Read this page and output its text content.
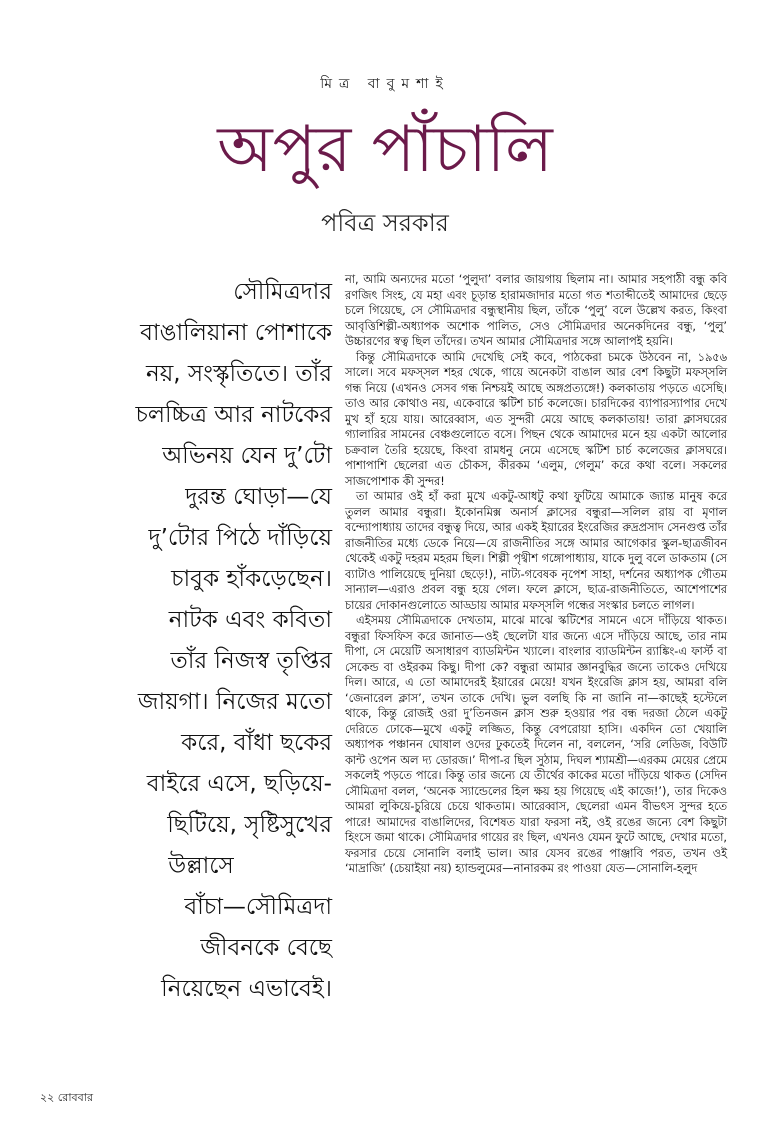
মিত্র বাবুমশাই
অপুর পাঁচালি
পবিত্র সরকার
সৌমিত্রদার
বাঙালিয়ানা পোশাকে
নয়, সংস্কৃতিতে। তাঁর
চলচ্চিত্র আর নাটকের
অভিনয় যেন দু’টো
দুরন্ত ঘোড়া—যে
দু’টোর পিঠে দাঁড়িয়ে
চাবুক হাঁকড়েছেন।
নাটক এবং কবিতা
তাঁর নিজস্ব তৃপ্তির
জায়গা। নিজের মতো
করে, বাঁধা ছকের
বাইরে এসে, ছড়িয়ে-
ছিটিয়ে, সৃষ্টিসুখের
উল্লাসে
বাঁচা—সৌমিত্রদা
জীবনকে বেছে
নিয়েছেন এভাবেই।

না, আমি অন্যদের মতো ‘পুলুদা’ বলার জায়গায় ছিলাম না। আমার সহপাঠী বন্ধু কবি রণজিৎ সিংহ, যে মহা এবং চূড়ান্ত হারামজাদার মতো গত শতাব্দীতেই আমাদের ছেড়ে চলে গিয়েছে, সে সৌমিত্রদার বন্ধুস্থানীয় ছিল, তাঁকে ‘পুলু’ বলে উল্লেখ করত, কিংবা আবৃত্তিশিল্পী-অধ্যাপক অশোক পালিত, সেও সৌমিত্রদার অনেকদিনের বন্ধু, ‘পুলু’ উচ্চারণের স্বত্ব ছিল তাঁদের। তখন আমার সৌমিত্রদার সঙ্গে আলাপই হয়নি।

কিন্তু সৌমিত্রদাকে আমি দেখেছি সেই কবে, পাঠকেরা চমকে উঠবেন না, ১৯৫৬ সালে। সবে মফস্সল শহর থেকে, গায়ে অনেকটা বাঙাল আর বেশ কিছুটা মফস্সলি গন্ধ নিয়ে (এখনও সেসব গন্ধ নিশ্চয়ই আছে অঙ্গপ্রত্যঙ্গে!) কলকাতায় পড়তে এসেছি। তাও আর কোথাও নয়, একেবারে স্কটিশ চার্চ কলেজে। চারদিকের ব্যাপারস্যাপার দেখে মুখ হাঁ হয়ে যায়। আরেব্বাস, এত সুন্দরী মেয়ে আছে কলকাতায়! তারা ক্লাসঘরের গ্যালারির সামনের বেঞ্চগুলোতে বসে। পিছন থেকে আমাদের মনে হয় একটা আলোর চক্রবাল তৈরি হয়েছে, কিংবা রামধনু নেমে এসেছে স্কটিশ চার্চ কলেজের ক্লাসঘরে। পাশাপাশি ছেলেরা এত চৌকস, কীরকম ‘এলুম, গেলুম’ করে কথা বলে। সকলের সাজপোশাক কী সুন্দর!

তা আমার ওই হাঁ করা মুখে একটু-আধটু কথা ফুটিয়ে আমাকে জ্যান্ত মানুষ করে তুলল আমার বন্ধুরা। ইকোনমিক্স অনার্স ক্লাসের বন্ধুরা—সলিল রায় বা মৃণাল বন্দ্যোপাধ্যায় তাদের বন্ধুত্ব দিয়ে, আর একই ইয়ারের ইংরেজির রুদ্রপ্রসাদ সেনগুপ্ত তাঁর রাজনীতির মধ্যে ডেকে নিয়ে—যে রাজনীতির সঙ্গে আমার আগেকার স্কুল-ছাত্রজীবন থেকেই একটু দহরম মহরম ছিল। শিল্পী পৃথ্বীশ গঙ্গোপাধ্যায়, যাকে দুলু বলে ডাকতাম (সে ব্যাটাও পালিয়েছে দুনিয়া ছেড়ে!), নাট্য-গবেষক নৃপেশ সাহা, দর্শনের অধ্যাপক গৌতম সান্যাল—এরাও প্রবল বন্ধু হয়ে গেল। ফলে ক্লাসে, ছাত্র-রাজনীতিতে, আশেপাশের চায়ের দোকানগুলোতে আড্ডায় আমার মফস্সলি গন্ধের সংস্কার চলতে লাগল।

এইসময় সৌমিত্রদাকে দেখতাম, মাঝে মাঝে স্কটিশের সামনে এসে দাঁড়িয়ে থাকত। বন্ধুরা ফিসফিস করে জানাত—ওই ছেলেটা যার জন্যে এসে দাঁড়িয়ে আছে, তার নাম দীপা, সে মেয়েটি অসাধারণ ব্যাডমিন্টন খ্যালে। বাংলার ব্যাডমিন্টন র‍্যাঙ্কিং-এ ফার্স্ট বা সেকেন্ড বা ওইরকম কিছু। দীপা কে? বন্ধুরা আমার জ্ঞানবুদ্ধির জন্যে তাকেও দেখিয়ে দিল। আরে, এ তো আমাদেরই ইয়ারের মেয়ে! যখন ইংরেজি ক্লাস হয়, আমরা বলি ‘জেনারেল ক্লাস’, তখন তাকে দেখি। ভুল বলছি কি না জানি না—কাছেই হস্টেলে থাকে, কিন্তু রোজই ওরা দু’তিনজন ক্লাস শুরু হওয়ার পর বন্ধ দরজা ঠেলে একটু দেরিতে ঢোকে—মুখে একটু লজ্জিত, কিন্তু বেপরোয়া হাসি। একদিন তো খেয়ালি অধ্যাপক পঞ্চানন ঘোষাল ওদের ঢুকতেই দিলেন না, বললেন, ‘সরি লেডিজ, বিউটি কান্ট ওপেন অল দ্য ডোরজ।’ দীপা-র ছিল সুঠাম, দিঘল শ্যামশ্রী—এরকম মেয়ের প্রেমে সকলেই পড়তে পারে। কিন্তু তার জন্যে যে তীর্থের কাকের মতো দাঁড়িয়ে থাকত (সেদিন সৌমিত্রদা বলল, ‘অনেক স্যান্ডেলের হিল ক্ষয় হয় গিয়েছে এই কাজে!’), তার দিকেও আমরা লুকিয়ে-চুরিয়ে চেয়ে থাকতাম। আরেব্বাস, ছেলেরা এমন বীভৎস সুন্দর হতে পারে! আমাদের বাঙালিদের, বিশেষত যারা ফরসা নই, ওই রঙের জন্যে বেশ কিছুটা হিংসে জমা থাকে। সৌমিত্রদার গায়ের রং ছিল, এখনও যেমন ফুটে আছে, দেখার মতো, ফরসার চেয়ে সোনালি বলাই ভাল। আর যেসব রঙের পাঞ্জাবি পরত, তখন ওই ‘মাদ্রাজি’ (চেয়াইয়া নয়) হ্যান্ডলুমের—নানারকম রং পাওয়া যেত—সোনালি-হলুদ

২২ রোববার
